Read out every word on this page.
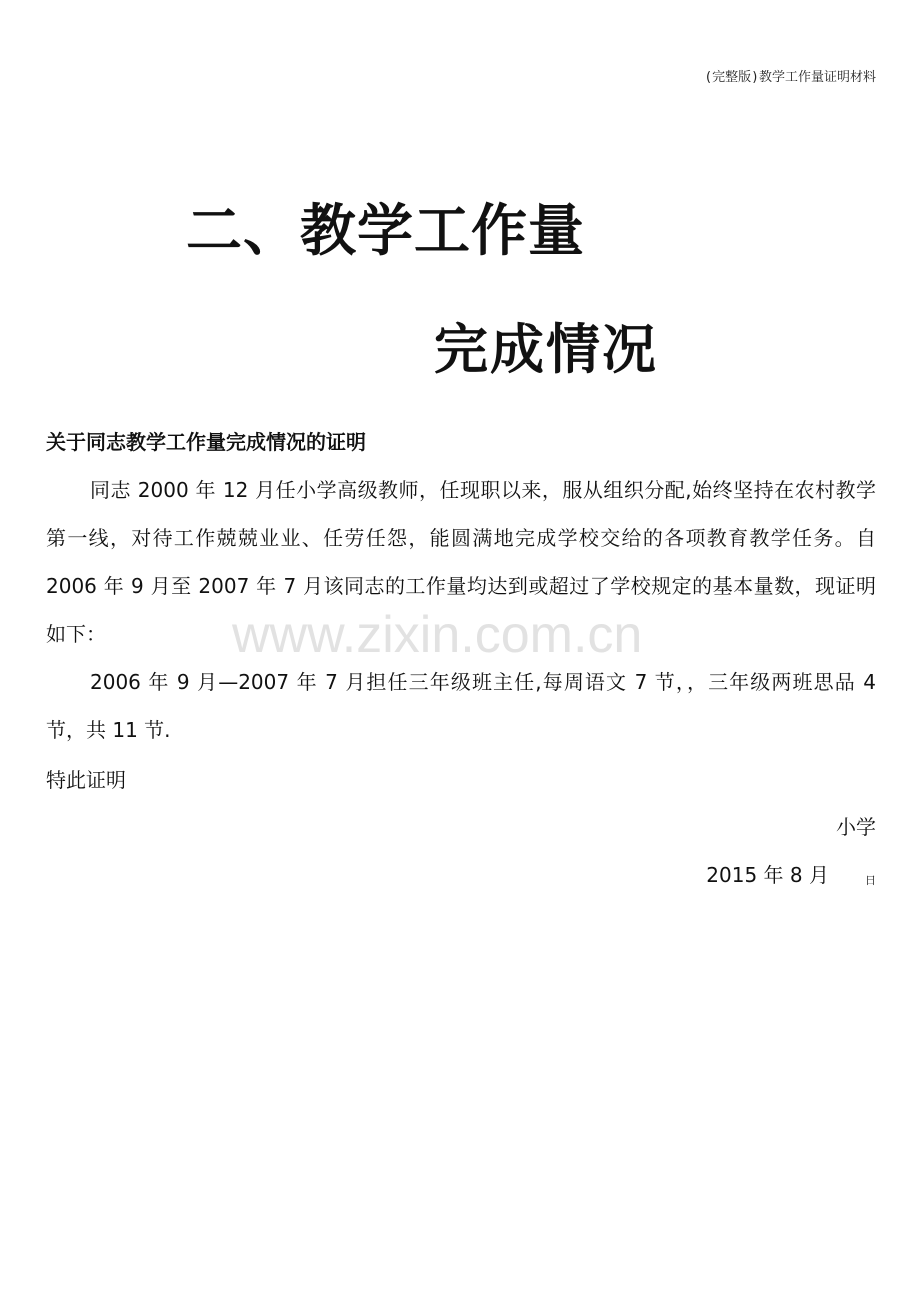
(完整版)教学工作量证明材料
二、教学工作量
完成情况
关于同志教学工作量完成情况的证明

同志 2000 年 12 月任小学高级教师，任现职以来，服从组织分配,始终坚持在农村教学第一线，对待工作兢兢业业、任劳任怨，能圆满地完成学校交给的各项教育教学任务。自 2006 年 9 月至 2007 年 7 月该同志的工作量均达到或超过了学校规定的基本量数，现证明如下：

2006 年 9 月—2007 年 7 月担任三年级班主任,每周语文 7 节，，三年级两班思品 4 节，共 11 节.

特此证明
小学
2015 年 8 月	日
www.zixin.com.cn
